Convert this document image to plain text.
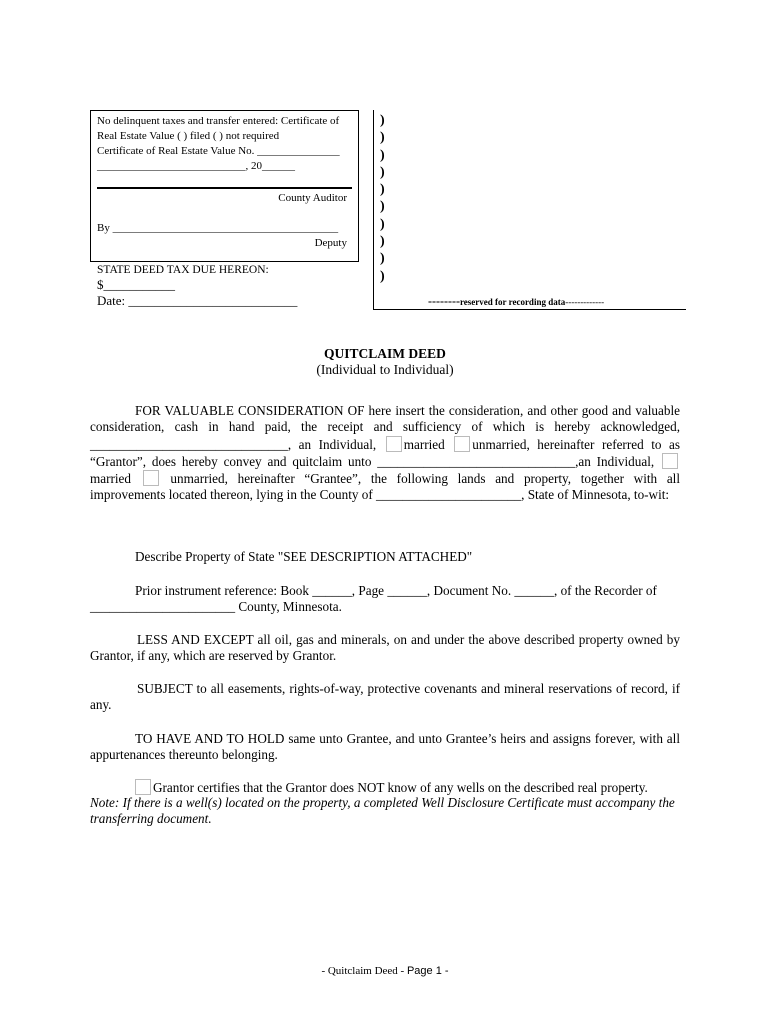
No delinquent taxes and transfer entered: Certificate of
Real Estate Value ( ) filed ( ) not required
Certificate of Real Estate Value No. _______________
___________________________, 20______
County Auditor
By _________________________________________
Deputy
STATE DEED TAX DUE HEREON:
$___________
Date: __________________________
)
)
)
)
)
)
)
)
)
)
--------reserved for recording data-------------
QUITCLAIM DEED
(Individual to Individual)
FOR VALUABLE CONSIDERATION OF here insert the consideration, and other good and valuable consideration, cash in hand paid, the receipt and sufficiency of which is hereby acknowledged, ______________________________, an Individual, married unmarried, hereinafter referred to as “Grantor”, does hereby convey and quitclaim unto ______________________________,an Individual,  married	unmarried, hereinafter “Grantee”, the following lands and property, together with all improvements located thereon, lying in the County of ______________________, State of Minnesota, to-wit:
Describe Property of State "SEE DESCRIPTION ATTACHED"
Prior instrument reference: Book ______, Page ______, Document No. ______, of the Recorder of
______________________ County, Minnesota.
LESS AND EXCEPT all oil, gas and minerals, on and under the above described property owned by Grantor, if any, which are reserved by Grantor.
SUBJECT to all easements, rights-of-way, protective covenants and mineral reservations of record, if any.
TO HAVE AND TO HOLD same unto Grantee, and unto Grantee’s heirs and assigns forever, with all appurtenances thereunto belonging.
Grantor certifies that the Grantor does NOT know of any wells on the described real property.
Note: If there is a well(s) located on the property, a completed Well Disclosure Certificate must accompany the transferring document.
- Quitclaim Deed - Page 1 -
